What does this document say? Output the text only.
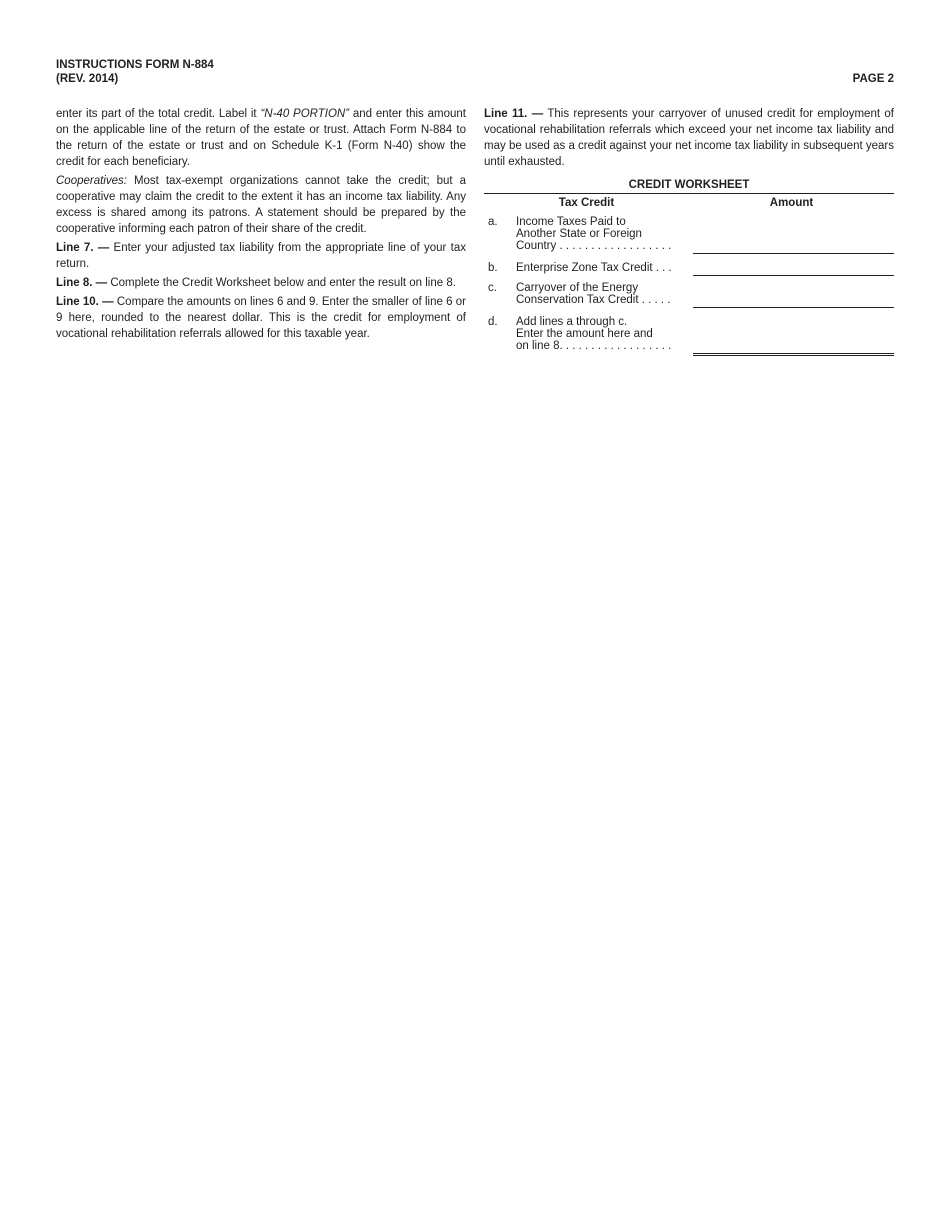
INSTRUCTIONS FORM N-884
(REV. 2014)	PAGE 2

enter its part of the total credit. Label it “N-40 PORTION” and enter this amount on the applicable line of the return of the estate or trust. Attach Form N-884 to the return of the estate or trust and on Schedule K-1 (Form N-40) show the credit for each beneficiary.

Cooperatives: Most tax-exempt organizations cannot take the credit; but a cooperative may claim the credit to the extent it has an income tax liability. Any excess is shared among its patrons. A statement should be prepared by the cooperative informing each patron of their share of the credit.

Line 7. — Enter your adjusted tax liability from the appropriate line of your tax return.

Line 8. — Complete the Credit Worksheet below and enter the result on line 8.

Line 10. — Compare the amounts on lines 6 and 9. Enter the smaller of line 6 or 9 here, rounded to the nearest dollar. This is the credit for employment of vocational rehabilitation referrals allowed for this taxable year.

Line 11. — This represents your carryover of unused credit for employment of vocational rehabilitation referrals which exceed your net income tax liability and may be used as a credit against your net income tax liability in subsequent years until exhausted.

CREDIT WORKSHEET
Tax Credit	Amount
a.	Income Taxes Paid to
Another State or Foreign
Country . . . . . . . . . . . . . . . . . .
b.	Enterprise Zone Tax Credit . . .
c.	Carryover of the Energy
Conservation Tax Credit . . . . .
d.	Add lines a through c.
Enter the amount here and
on line 8. . . . . . . . . . . . . . . . . .
